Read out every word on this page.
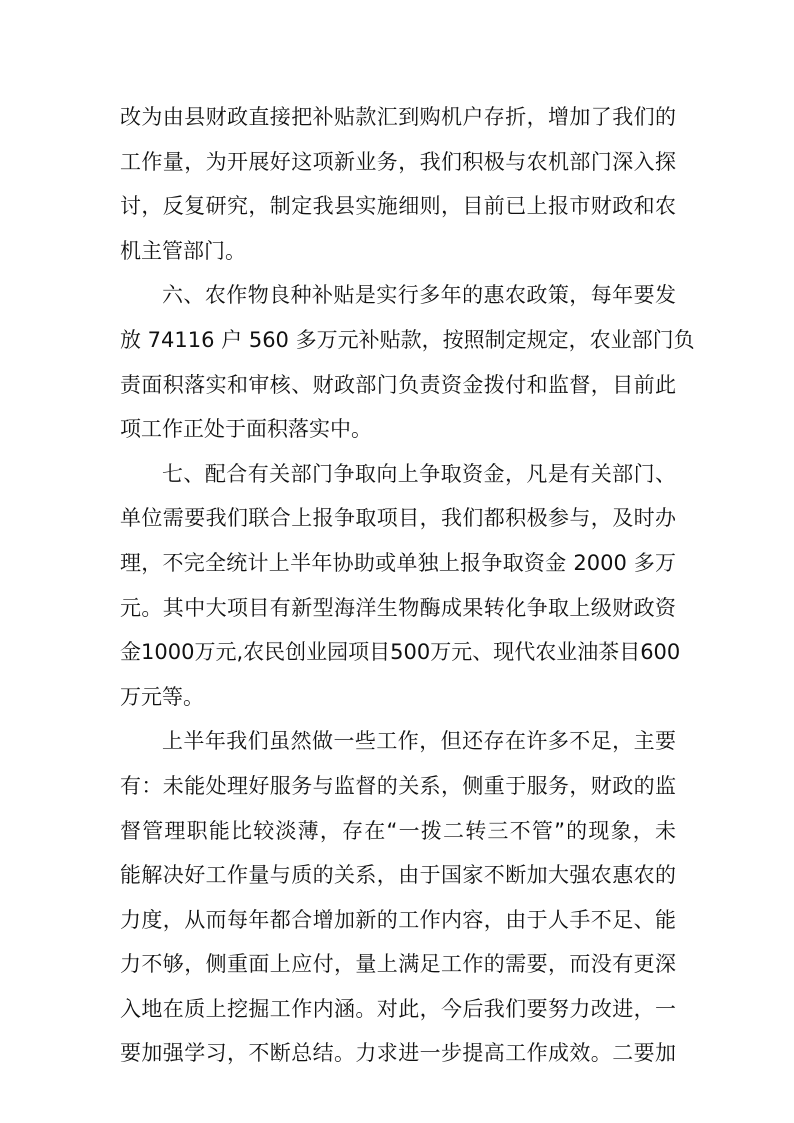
改为由县财政直接把补贴款汇到购机户存折，增加了我们的
工作量，为开展好这项新业务，我们积极与农机部门深入探
讨，反复研究，制定我县实施细则，目前已上报市财政和农
机主管部门。
六、农作物良种补贴是实行多年的惠农政策，每年要发
放 74116 户 560 多万元补贴款，按照制定规定，农业部门负
责面积落实和审核、财政部门负责资金拨付和监督，目前此
项工作正处于面积落实中。
七、配合有关部门争取向上争取资金，凡是有关部门、
单位需要我们联合上报争取项目，我们都积极参与，及时办
理，不完全统计上半年协助或单独上报争取资金 2000 多万
元。其中大项目有新型海洋生物酶成果转化争取上级财政资
金1000万元,农民创业园项目500万元、现代农业油茶目600
万元等。
上半年我们虽然做一些工作，但还存在许多不足，主要
有：未能处理好服务与监督的关系，侧重于服务，财政的监
督管理职能比较淡薄，存在“一拨二转三不管”的现象，未
能解决好工作量与质的关系，由于国家不断加大强农惠农的
力度，从而每年都合增加新的工作内容，由于人手不足、能
力不够，侧重面上应付，量上满足工作的需要，而没有更深
入地在质上挖掘工作内涵。对此，今后我们要努力改进，一
要加强学习，不断总结。力求进一步提高工作成效。二要加
